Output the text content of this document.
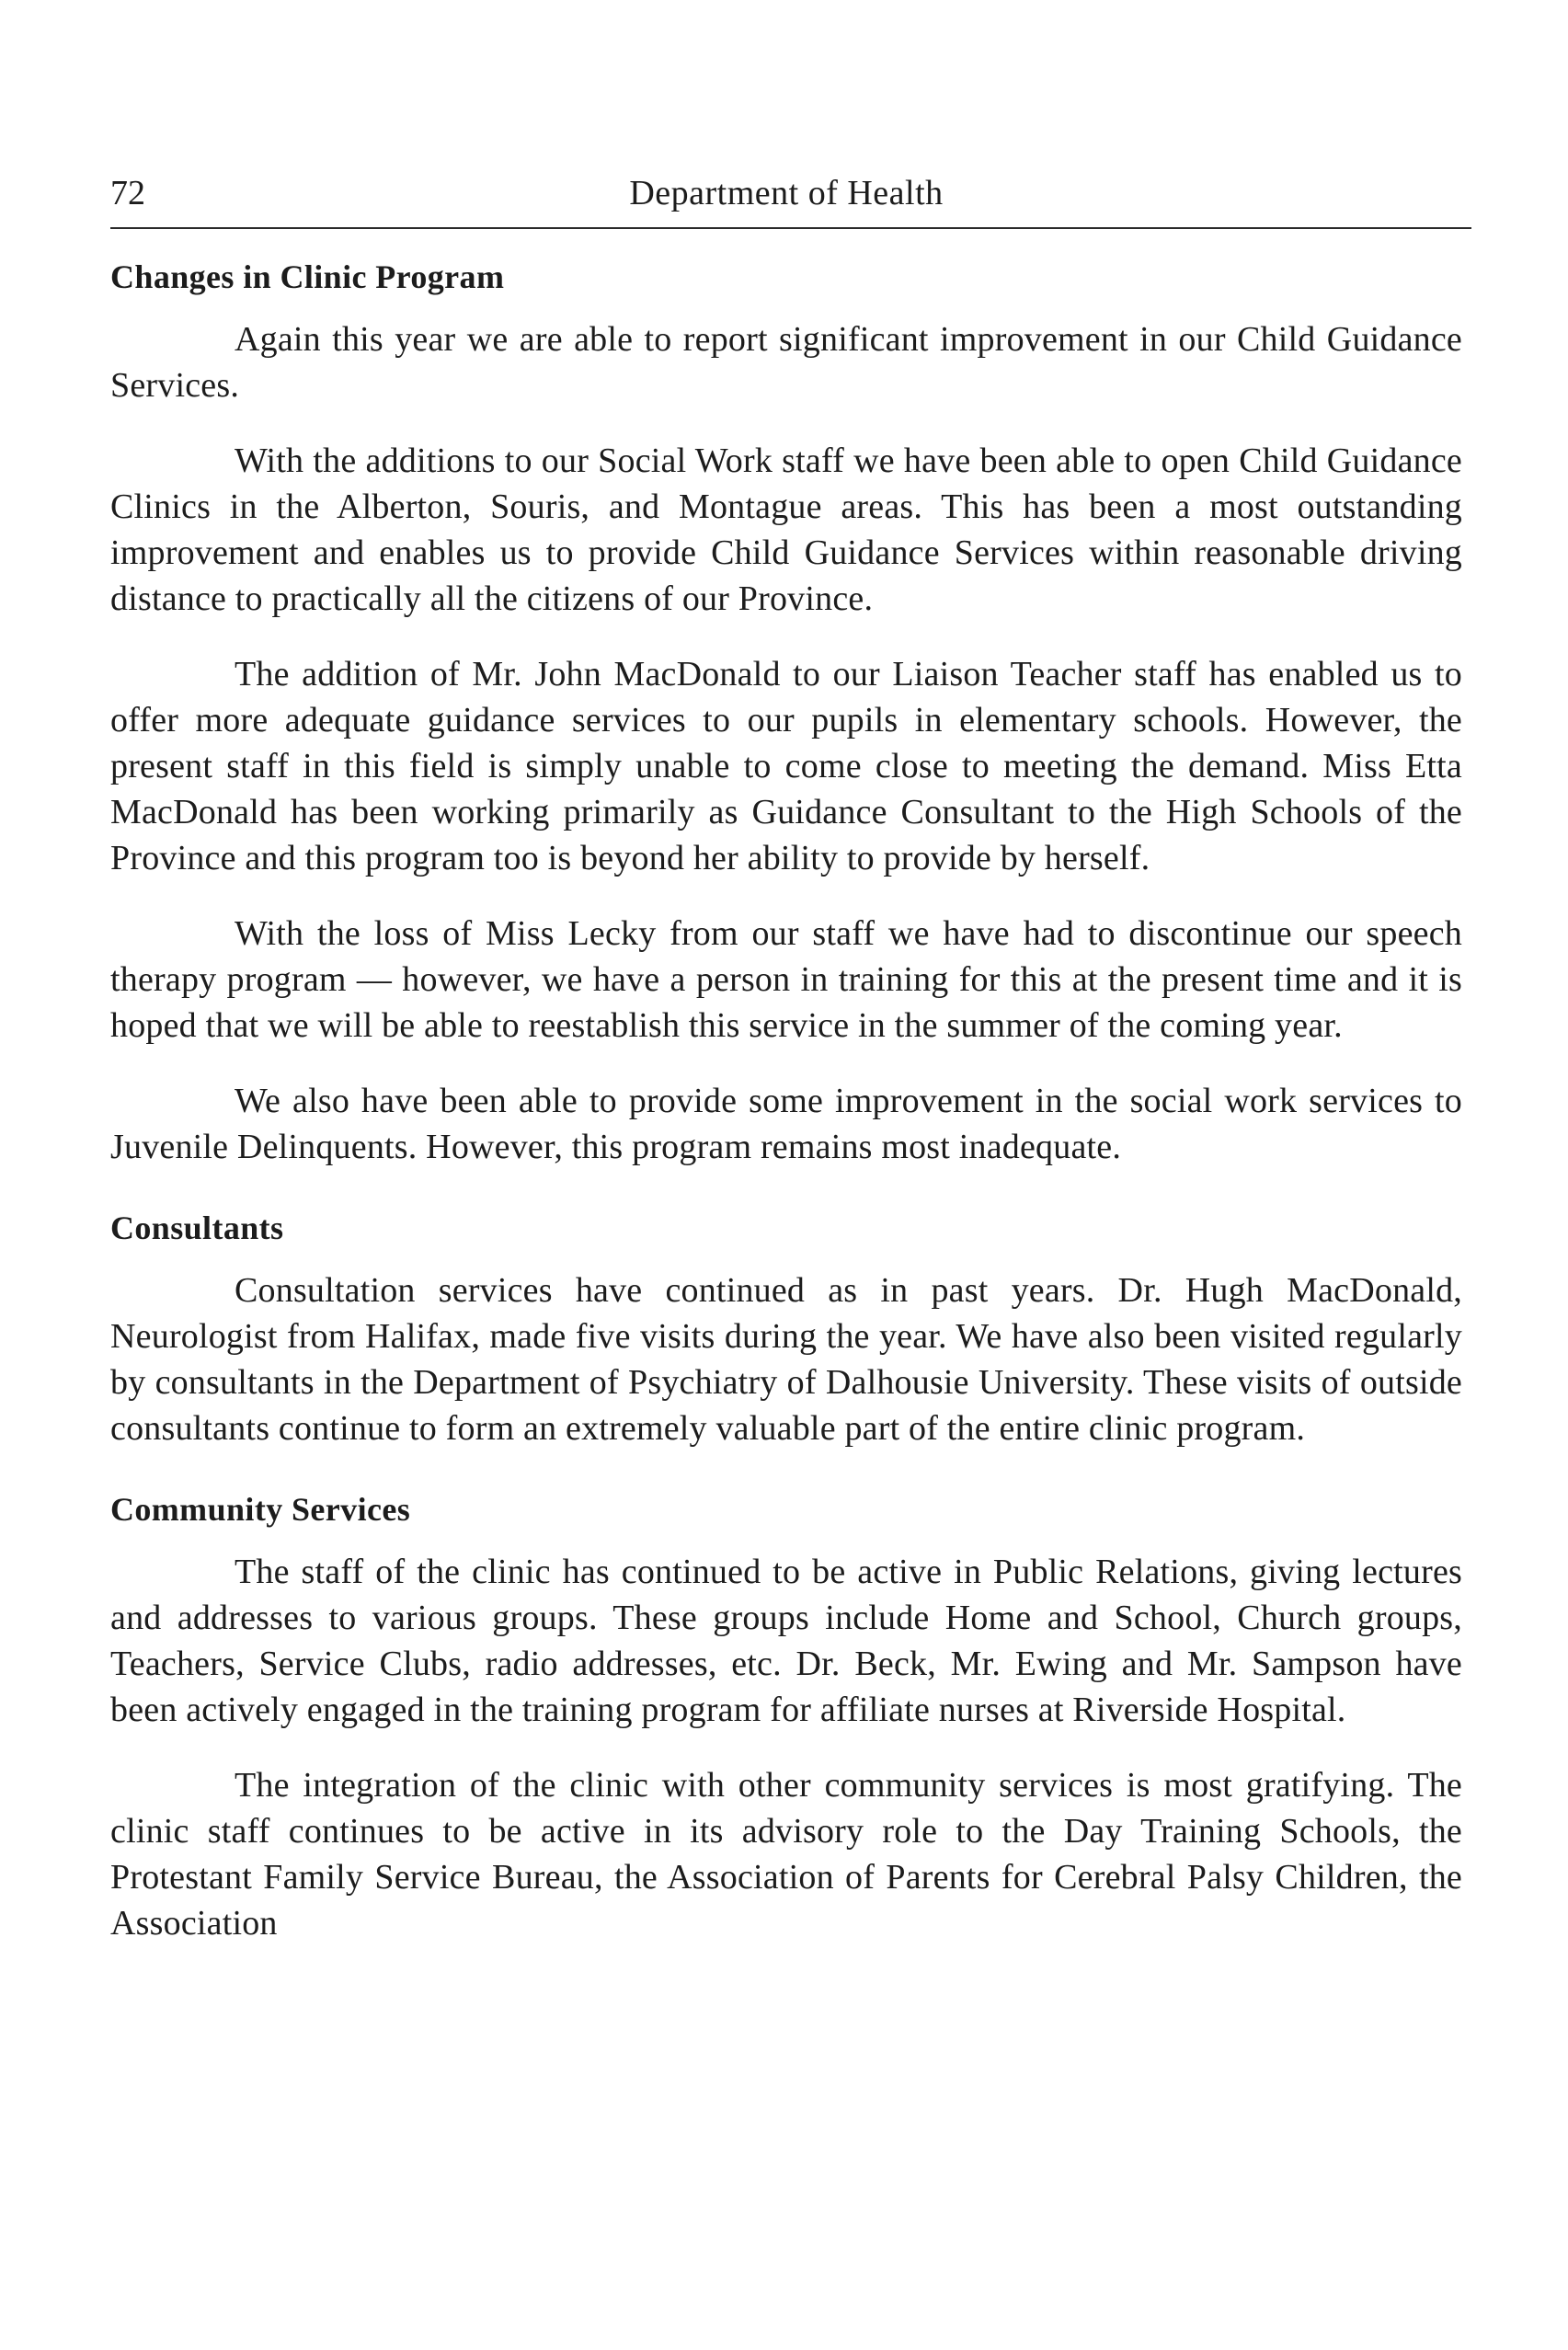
72	Department of Health
Changes in Clinic Program

Again this year we are able to report significant improvement in our Child Guidance Services.

With the additions to our Social Work staff we have been able to open Child Guidance Clinics in the Alberton, Souris, and Montague areas. This has been a most outstanding improvement and enables us to provide Child Guidance Services within reasonable driving distance to practically all the citizens of our Province.

The addition of Mr. John MacDonald to our Liaison Teacher staff has enabled us to offer more adequate guidance services to our pupils in elementary schools. However, the present staff in this field is simply unable to come close to meeting the demand. Miss Etta MacDonald has been working primarily as Guidance Consultant to the High Schools of the Province and this program too is beyond her ability to provide by herself.

With the loss of Miss Lecky from our staff we have had to discontinue our speech therapy program — however, we have a person in training for this at the present time and it is hoped that we will be able to reestablish this service in the summer of the coming year.

We also have been able to provide some improvement in the social work services to Juvenile Delinquents. However, this program remains most inadequate.

Consultants

Consultation services have continued as in past years. Dr. Hugh MacDonald, Neurologist from Halifax, made five visits during the year. We have also been visited regularly by consultants in the Department of Psychiatry of Dalhousie University. These visits of outside consultants continue to form an extremely valuable part of the entire clinic program.

Community Services

The staff of the clinic has continued to be active in Public Relations, giving lectures and addresses to various groups. These groups include Home and School, Church groups, Teachers, Service Clubs, radio addresses, etc. Dr. Beck, Mr. Ewing and Mr. Sampson have been actively engaged in the training program for affiliate nurses at Riverside Hospital.

The integration of the clinic with other community services is most gratifying. The clinic staff continues to be active in its advisory role to the Day Training Schools, the Protestant Family Service Bureau, the Association of Parents for Cerebral Palsy Children, the Association
